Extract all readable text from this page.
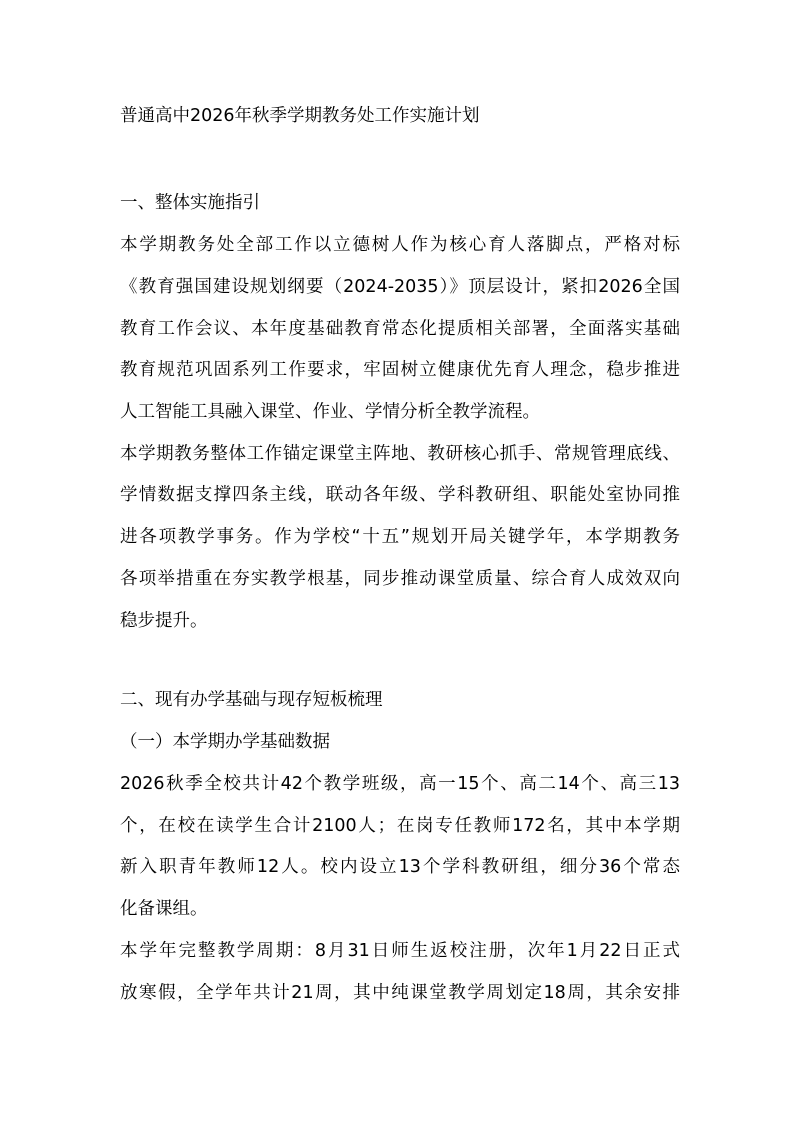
普通高中2026年秋季学期教务处工作实施计划
一、整体实施指引
本学期教务处全部工作以立德树人作为核心育人落脚点，严格对标
《教育强国建设规划纲要（2024-2035）》顶层设计，紧扣2026全国
教育工作会议、本年度基础教育常态化提质相关部署，全面落实基础
教育规范巩固系列工作要求，牢固树立健康优先育人理念，稳步推进
人工智能工具融入课堂、作业、学情分析全教学流程。
本学期教务整体工作锚定课堂主阵地、教研核心抓手、常规管理底线、
学情数据支撑四条主线，联动各年级、学科教研组、职能处室协同推
进各项教学事务。作为学校“十五”规划开局关键学年，本学期教务
各项举措重在夯实教学根基，同步推动课堂质量、综合育人成效双向
稳步提升。
二、现有办学基础与现存短板梳理
（一）本学期办学基础数据
2026秋季全校共计42个教学班级，高一15个、高二14个、高三13
个，在校在读学生合计2100人；在岗专任教师172名，其中本学期
新入职青年教师12人。校内设立13个学科教研组，细分36个常态
化备课组。
本学年完整教学周期：8月31日师生返校注册，次年1月22日正式
放寒假，全学年共计21周，其中纯课堂教学周划定18周，其余安排
